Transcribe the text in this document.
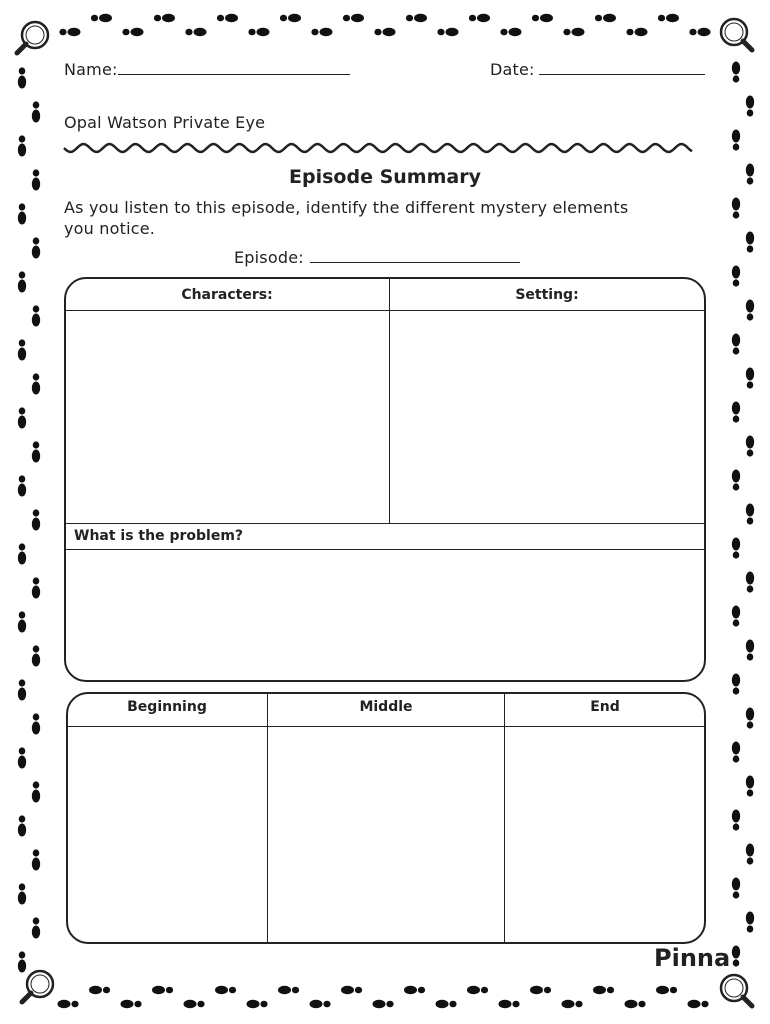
Name:	Date:
Opal Watson Private Eye
Episode Summary
As you listen to this episode, identify the different mystery elements you notice.
Episode:
Characters:	Setting:
What is the problem?
Beginning	Middle	End
Pinna
